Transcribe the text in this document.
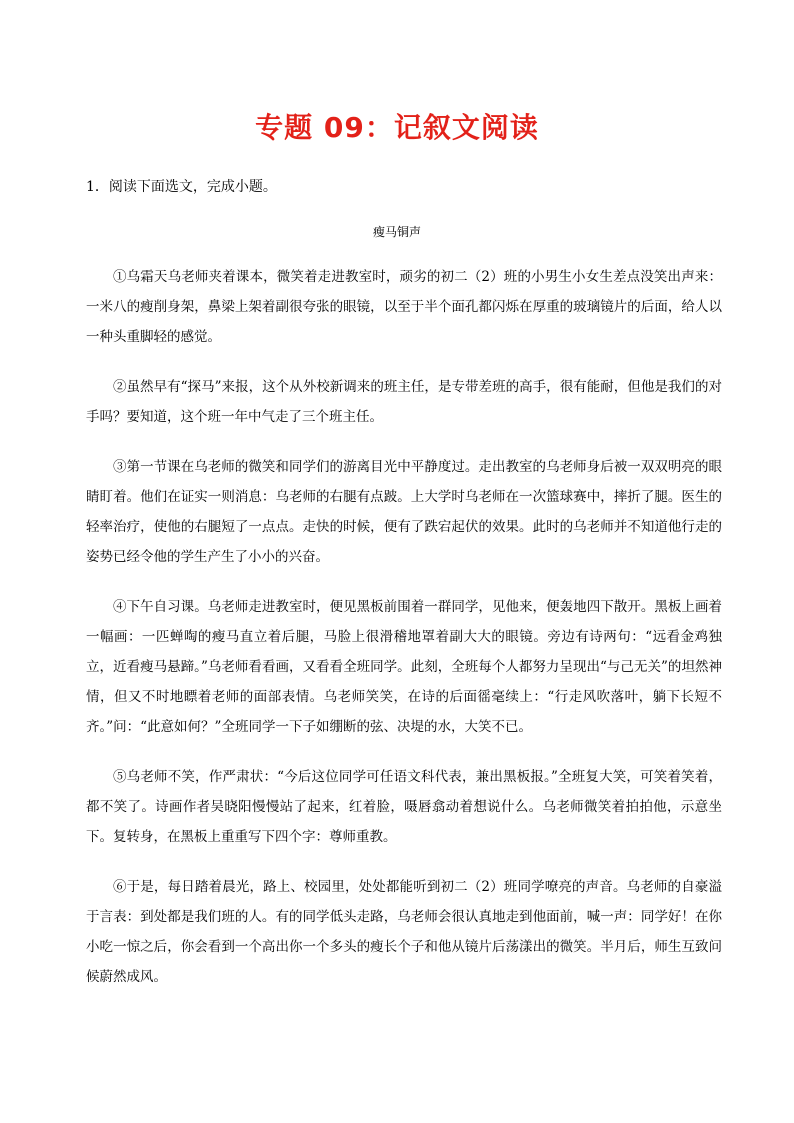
专题 09：记叙文阅读
1．阅读下面选文，完成小题。
瘦马铜声

①乌霜天乌老师夹着课本，微笑着走进教室时，顽劣的初二（2）班的小男生小女生差点没笑出声来：一米八的瘦削身架，鼻梁上架着副很夸张的眼镜，以至于半个面孔都闪烁在厚重的玻璃镜片的后面，给人以一种头重脚轻的感觉。

②虽然早有“探马”来报，这个从外校新调来的班主任，是专带差班的高手，很有能耐，但他是我们的对手吗？要知道，这个班一年中气走了三个班主任。

③第一节课在乌老师的微笑和同学们的游离目光中平静度过。走出教室的乌老师身后被一双双明亮的眼睛盯着。他们在证实一则消息：乌老师的右腿有点跛。上大学时乌老师在一次篮球赛中，摔折了腿。医生的轻率治疗，使他的右腿短了一点点。走快的时候，便有了跌宕起伏的效果。此时的乌老师并不知道他行走的姿势已经令他的学生产生了小小的兴奋。

④下午自习课。乌老师走进教室时，便见黑板前围着一群同学，见他来，便轰地四下散开。黑板上画着一幅画：一匹蝉啕的瘦马直立着后腿，马脸上很滑稽地罩着副大大的眼镜。旁边有诗两句：“远看金鸡独立，近看瘦马悬蹄。”乌老师看看画，又看看全班同学。此刻，全班每个人都努力呈现出“与己无关”的坦然神情，但又不时地瞟着老师的面部表情。乌老师笑笑，在诗的后面徭毫续上：“行走风吹落叶，躺下长短不齐。”问：“此意如何？”全班同学一下子如绷断的弦、决堤的水，大笑不已。

⑤乌老师不笑，作严肃状：“今后这位同学可任语文科代表，兼出黑板报。”全班复大笑，可笑着笑着，都不笑了。诗画作者吴晓阳慢慢站了起来，红着脸，嗫唇翕动着想说什么。乌老师微笑着拍拍他，示意坐下。复转身，在黑板上重重写下四个字：尊师重教。

⑥于是，每日踏着晨光，路上、校园里，处处都能听到初二（2）班同学嘹亮的声音。乌老师的自豪溢于言表：到处都是我们班的人。有的同学低头走路，乌老师会很认真地走到他面前，喊一声：同学好！在你小吃一惊之后，你会看到一个高出你一个多头的瘦长个子和他从镜片后荡漾出的微笑。半月后，师生互致问候蔚然成风。
